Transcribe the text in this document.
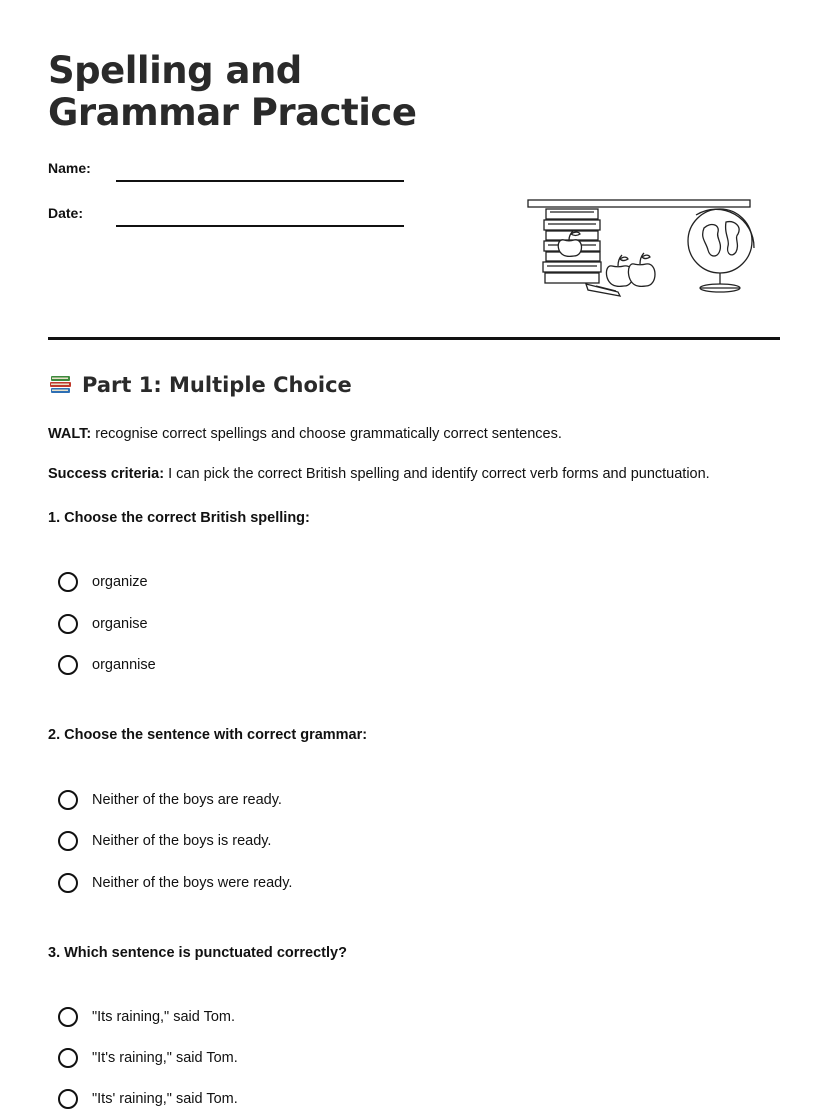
Spelling and Grammar Practice
Name:
Date:
Part 1: Multiple Choice
WALT: recognise correct spellings and choose grammatically correct sentences.
Success criteria: I can pick the correct British spelling and identify correct verb forms and punctuation.
1. Choose the correct British spelling:
organize
organise
organnise
2. Choose the sentence with correct grammar:
Neither of the boys are ready.
Neither of the boys is ready.
Neither of the boys were ready.
3. Which sentence is punctuated correctly?
"Its raining," said Tom.
"It's raining," said Tom.
"Its' raining," said Tom.
